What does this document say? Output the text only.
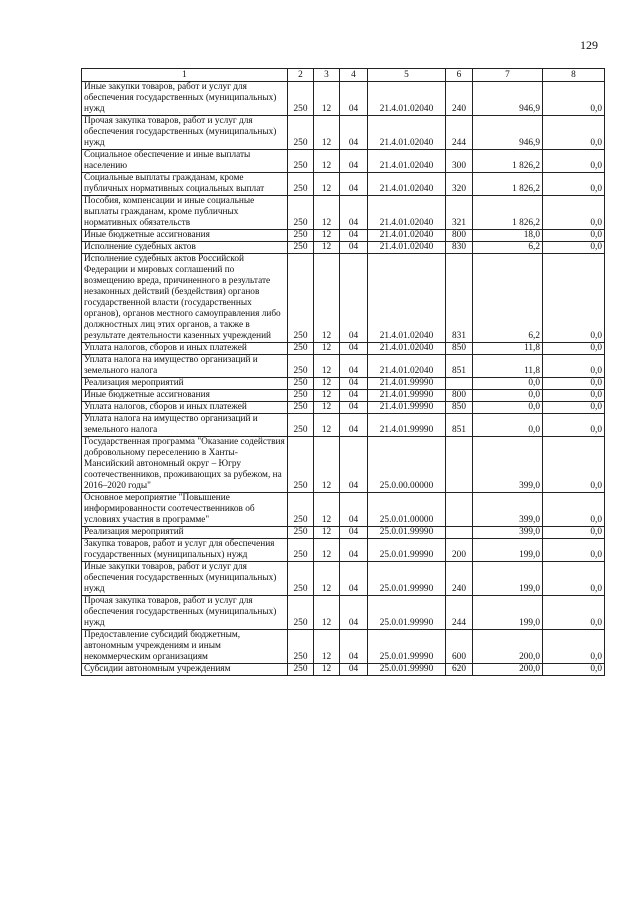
129
1	2	3	4	5	6	7	8
Иные закупки товаров, работ и услуг для обеспечения государственных (муниципальных) нужд	250	12	04	21.4.01.02040	240	946,9	0,0
Прочая закупка товаров, работ и услуг для обеспечения государственных (муниципальных) нужд	250	12	04	21.4.01.02040	244	946,9	0,0
Социальное обеспечение и иные выплаты населению	250	12	04	21.4.01.02040	300	1 826,2	0,0
Социальные выплаты гражданам, кроме публичных нормативных социальных выплат	250	12	04	21.4.01.02040	320	1 826,2	0,0
Пособия, компенсации и иные социальные выплаты гражданам, кроме публичных нормативных обязательств	250	12	04	21.4.01.02040	321	1 826,2	0,0
Иные бюджетные ассигнования	250	12	04	21.4.01.02040	800	18,0	0,0
Исполнение судебных актов	250	12	04	21.4.01.02040	830	6,2	0,0
Исполнение судебных актов Российской Федерации и мировых соглашений по возмещению вреда, причиненного в результате незаконных действий (бездействия) органов государственной власти (государственных органов), органов местного самоуправления либо должностных лиц этих органов, а также в результате деятельности казенных учреждений	250	12	04	21.4.01.02040	831	6,2	0,0
Уплата налогов, сборов и иных платежей	250	12	04	21.4.01.02040	850	11,8	0,0
Уплата налога на имущество организаций и земельного налога	250	12	04	21.4.01.02040	851	11,8	0,0
Реализация мероприятий	250	12	04	21.4.01.99990		0,0	0,0
Иные бюджетные ассигнования	250	12	04	21.4.01.99990	800	0,0	0,0
Уплата налогов, сборов и иных платежей	250	12	04	21.4.01.99990	850	0,0	0,0
Уплата налога на имущество организаций и земельного налога	250	12	04	21.4.01.99990	851	0,0	0,0
Государственная программа "Оказание содействия добровольному переселению в Ханты-Мансийский автономный округ – Югру соотечественников, проживающих за рубежом, на 2016–2020 годы"	250	12	04	25.0.00.00000		399,0	0,0
Основное мероприятие "Повышение информированности соотечественников об условиях участия в программе"	250	12	04	25.0.01.00000		399,0	0,0
Реализация мероприятий	250	12	04	25.0.01.99990		399,0	0,0
Закупка товаров, работ и услуг для обеспечения государственных (муниципальных) нужд	250	12	04	25.0.01.99990	200	199,0	0,0
Иные закупки товаров, работ и услуг для обеспечения государственных (муниципальных) нужд	250	12	04	25.0.01.99990	240	199,0	0,0
Прочая закупка товаров, работ и услуг для обеспечения государственных (муниципальных) нужд	250	12	04	25.0.01.99990	244	199,0	0,0
Предоставление субсидий бюджетным, автономным учреждениям и иным некоммерческим организациям	250	12	04	25.0.01.99990	600	200,0	0,0
Субсидии автономным учреждениям	250	12	04	25.0.01.99990	620	200,0	0,0
